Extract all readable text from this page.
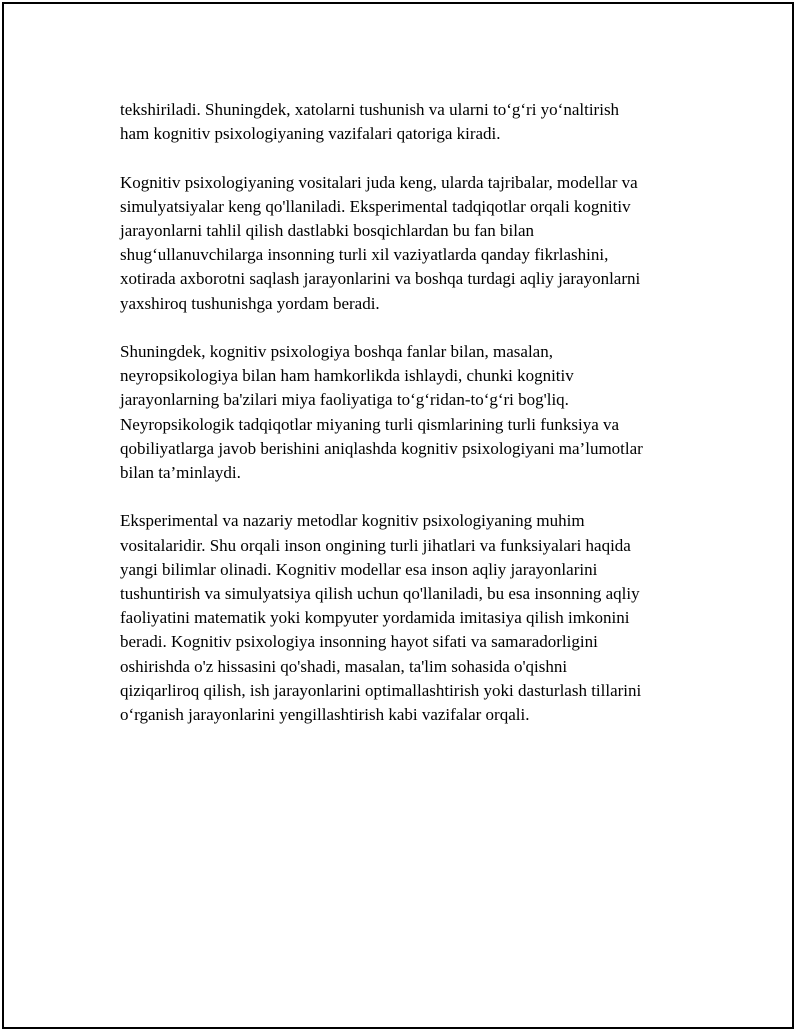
tekshiriladi. Shuningdek, xatolarni tushunish va ularni to‘g‘ri yo‘naltirish
ham kognitiv psixologiyaning vazifalari qatoriga kiradi.

Kognitiv psixologiyaning vositalari juda keng, ularda tajribalar, modellar va
simulyatsiyalar keng qo'llaniladi. Eksperimental tadqiqotlar orqali kognitiv
jarayonlarni tahlil qilish dastlabki bosqichlardan bu fan bilan
shug‘ullanuvchilarga insonning turli xil vaziyatlarda qanday fikrlashini,
xotirada axborotni saqlash jarayonlarini va boshqa turdagi aqliy jarayonlarni
yaxshiroq tushunishga yordam beradi.

Shuningdek, kognitiv psixologiya boshqa fanlar bilan, masalan,
neyropsikologiya bilan ham hamkorlikda ishlaydi, chunki kognitiv
jarayonlarning ba'zilari miya faoliyatiga to‘g‘ridan-to‘g‘ri bog'liq.
Neyropsikologik tadqiqotlar miyaning turli qismlarining turli funksiya va
qobiliyatlarga javob berishini aniqlashda kognitiv psixologiyani ma’lumotlar
bilan ta’minlaydi.

Eksperimental va nazariy metodlar kognitiv psixologiyaning muhim
vositalaridir. Shu orqali inson ongining turli jihatlari va funksiyalari haqida
yangi bilimlar olinadi. Kognitiv modellar esa inson aqliy jarayonlarini
tushuntirish va simulyatsiya qilish uchun qo'llaniladi, bu esa insonning aqliy
faoliyatini matematik yoki kompyuter yordamida imitasiya qilish imkonini
beradi. Kognitiv psixologiya insonning hayot sifati va samaradorligini
oshirishda o'z hissasini qo'shadi, masalan, ta'lim sohasida o'qishni
qiziqarliroq qilish, ish jarayonlarini optimallashtirish yoki dasturlash tillarini
o‘rganish jarayonlarini yengillashtirish kabi vazifalar orqali.
